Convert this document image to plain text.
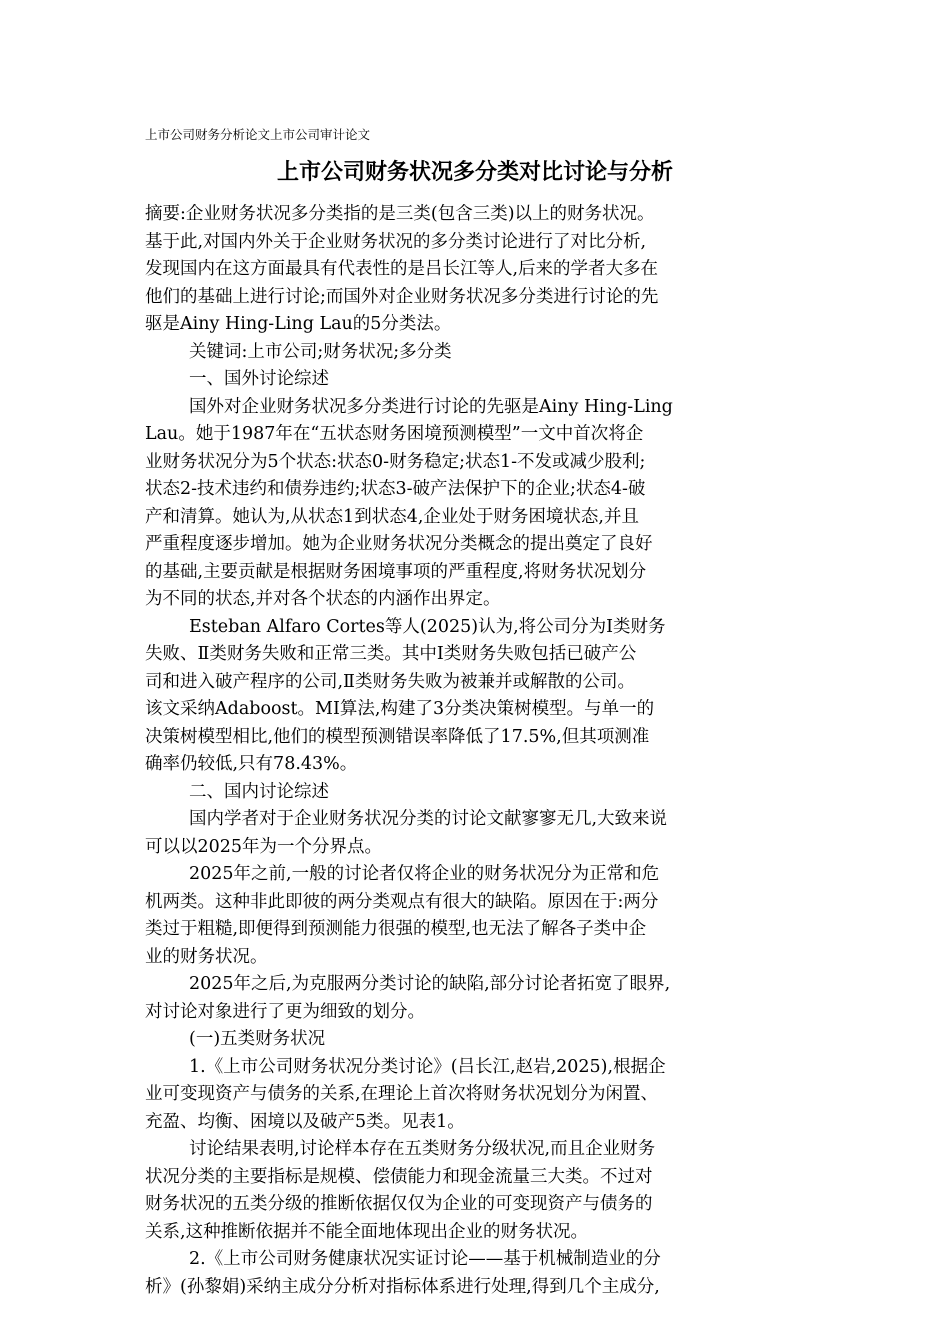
上市公司财务分析论文上市公司审计论文
上市公司财务状况多分类对比讨论与分析
摘要:企业财务状况多分类指的是三类(包含三类)以上的财务状况。
基于此,对国内外关于企业财务状况的多分类讨论进行了对比分析,
发现国内在这方面最具有代表性的是吕长江等人,后来的学者大多在
他们的基础上进行讨论;而国外对企业财务状况多分类进行讨论的先
驱是Ainy Hing-Ling Lau的5分类法。
关键词:上市公司;财务状况;多分类
一、国外讨论综述
国外对企业财务状况多分类进行讨论的先驱是Ainy Hing-Ling
Lau。她于1987年在“五状态财务困境预测模型”一文中首次将企
业财务状况分为5个状态:状态0-财务稳定;状态1-不发或减少股利;
状态2-技术违约和债券违约;状态3-破产法保护下的企业;状态4-破
产和清算。她认为,从状态1到状态4,企业处于财务困境状态,并且
严重程度逐步增加。她为企业财务状况分类概念的提出奠定了良好
的基础,主要贡献是根据财务困境事项的严重程度,将财务状况划分
为不同的状态,并对各个状态的内涵作出界定。
Esteban Alfaro Cortes等人(2025)认为,将公司分为Ⅰ类财务
失败、Ⅱ类财务失败和正常三类。其中Ⅰ类财务失败包括已破产公
司和进入破产程序的公司,Ⅱ类财务失败为被兼并或解散的公司。
该文采纳Adaboost。MI算法,构建了3分类决策树模型。与单一的
决策树模型相比,他们的模型预测错误率降低了17.5%,但其项测准
确率仍较低,只有78.43%。
二、国内讨论综述
国内学者对于企业财务状况分类的讨论文献寥寥无几,大致来说
可以以2025年为一个分界点。
2025年之前,一般的讨论者仅将企业的财务状况分为正常和危
机两类。这种非此即彼的两分类观点有很大的缺陷。原因在于:两分
类过于粗糙,即便得到预测能力很强的模型,也无法了解各子类中企
业的财务状况。
2025年之后,为克服两分类讨论的缺陷,部分讨论者拓宽了眼界,
对讨论对象进行了更为细致的划分。
(一)五类财务状况
1.《上市公司财务状况分类讨论》(吕长江,赵岩,2025),根据企
业可变现资产与债务的关系,在理论上首次将财务状况划分为闲置、
充盈、均衡、困境以及破产5类。见表1。
讨论结果表明,讨论样本存在五类财务分级状况,而且企业财务
状况分类的主要指标是规模、偿债能力和现金流量三大类。不过对
财务状况的五类分级的推断依据仅仅为企业的可变现资产与债务的
关系,这种推断依据并不能全面地体现出企业的财务状况。
2.《上市公司财务健康状况实证讨论——基于机械制造业的分
析》(孙黎娟)采纳主成分分析对指标体系进行处理,得到几个主成分,
